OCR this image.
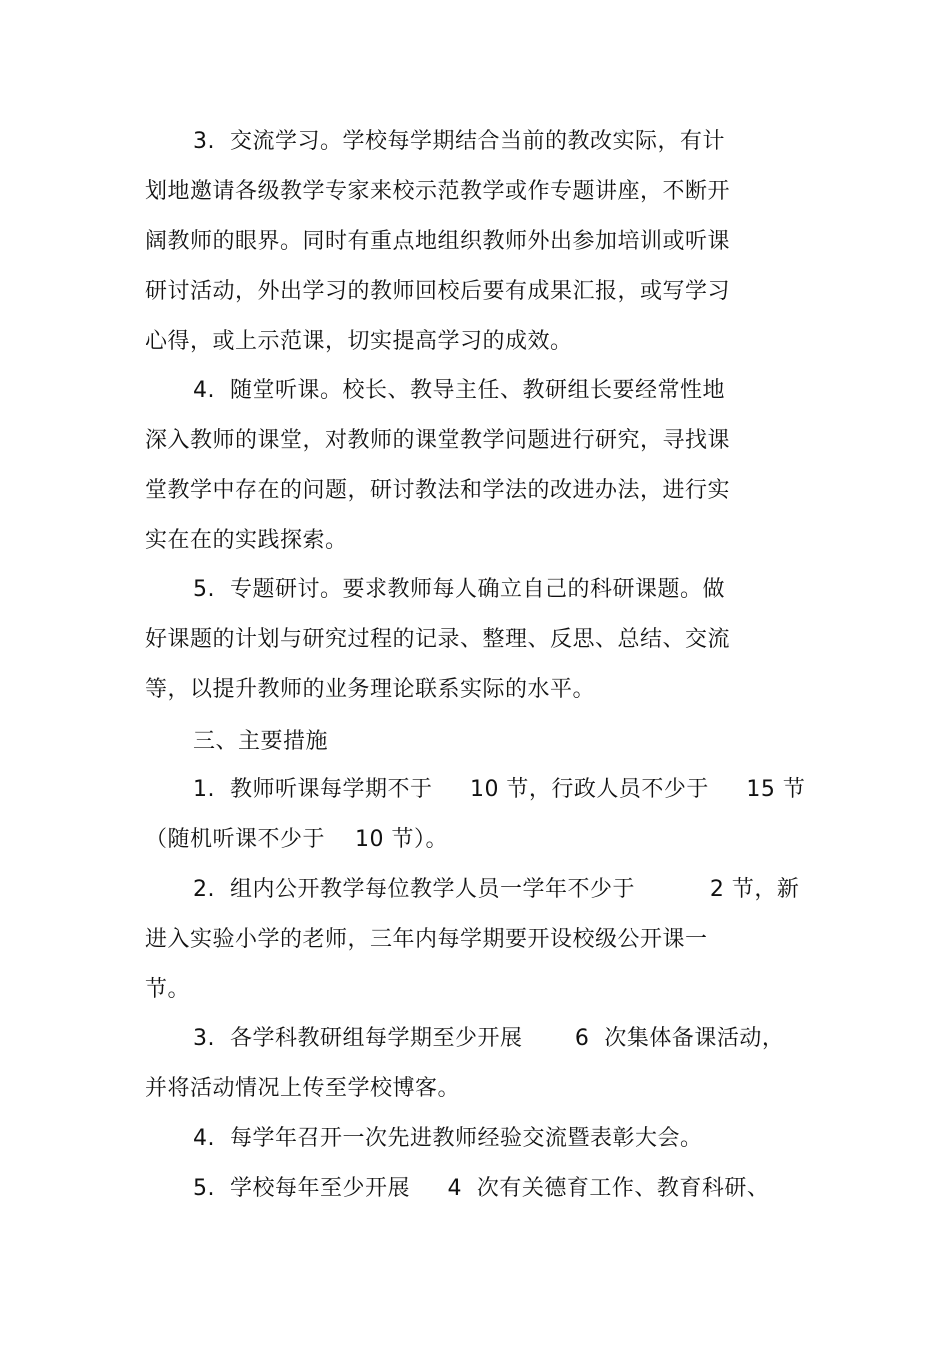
3.  交流学习。学校每学期结合当前的教改实际，有计
划地邀请各级教学专家来校示范教学或作专题讲座，不断开
阔教师的眼界。同时有重点地组织教师外出参加培训或听课
研讨活动，外出学习的教师回校后要有成果汇报，或写学习
心得，或上示范课，切实提高学习的成效。
4.  随堂听课。校长、教导主任、教研组长要经常性地
深入教师的课堂，对教师的课堂教学问题进行研究，寻找课
堂教学中存在的问题，研讨教法和学法的改进办法，进行实
实在在的实践探索。
5.  专题研讨。要求教师每人确立自己的科研课题。做
好课题的计划与研究过程的记录、整理、反思、总结、交流
等，以提升教师的业务理论联系实际的水平。
三、主要措施
1.  教师听课每学期不于     10 节，行政人员不少于     15 节
（随机听课不少于    10 节）。
2.  组内公开教学每位教学人员一学年不少于          2 节，新
进入实验小学的老师，三年内每学期要开设校级公开课一
节。
3.  各学科教研组每学期至少开展       6  次集体备课活动，
并将活动情况上传至学校博客。
4.  每学年召开一次先进教师经验交流暨表彰大会。
5.  学校每年至少开展     4  次有关德育工作、教育科研、
